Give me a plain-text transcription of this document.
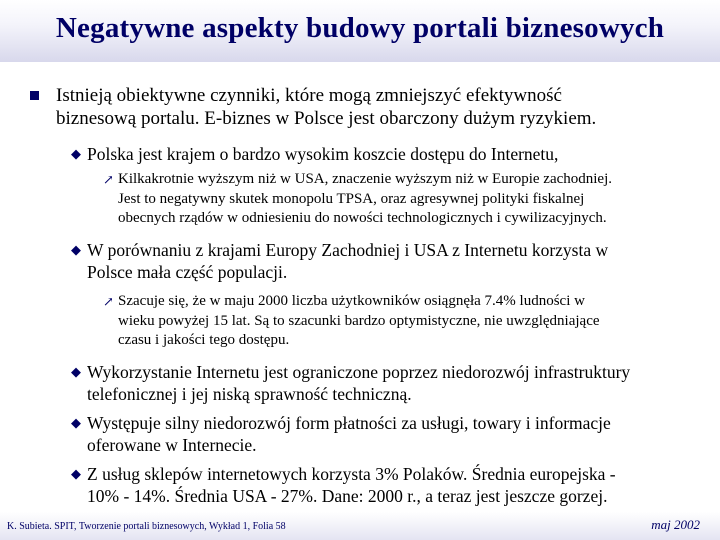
Negatywne aspekty budowy portali biznesowych
Istnieją obiektywne czynniki, które mogą zmniejszyć efektywność
biznesową portalu. E-biznes w Polsce jest obarczony dużym ryzykiem.
◆ Polska jest krajem o bardzo wysokim koszcie dostępu do Internetu,
↗ Kilkakrotnie wyższym niż w USA, znaczenie wyższym niż w Europie zachodniej.
Jest to negatywny skutek monopolu TPSA, oraz agresywnej polityki fiskalnej
obecnych rządów w odniesieniu do nowości technologicznych i cywilizacyjnych.
◆ W porównaniu z krajami Europy Zachodniej i USA z Internetu korzysta w
Polsce mała część populacji.
↗ Szacuje się, że w maju 2000 liczba użytkowników osiągnęła 7.4% ludności w
wieku powyżej 15 lat. Są to szacunki bardzo optymistyczne, nie uwzględniające
czasu i jakości tego dostępu.
◆ Wykorzystanie Internetu jest ograniczone poprzez niedorozwój infrastruktury
telefonicznej i jej niską sprawność techniczną.
◆ Występuje silny niedorozwój form płatności za usługi, towary i informacje
oferowane w Internecie.
◆ Z usług sklepów internetowych korzysta 3% Polaków. Średnia europejska -
10% - 14%. Średnia USA - 27%. Dane: 2000 r., a teraz jest jeszcze gorzej.
K. Subieta. SPIT, Tworzenie portali biznesowych, Wykład 1, Folia 58	maj 2002
